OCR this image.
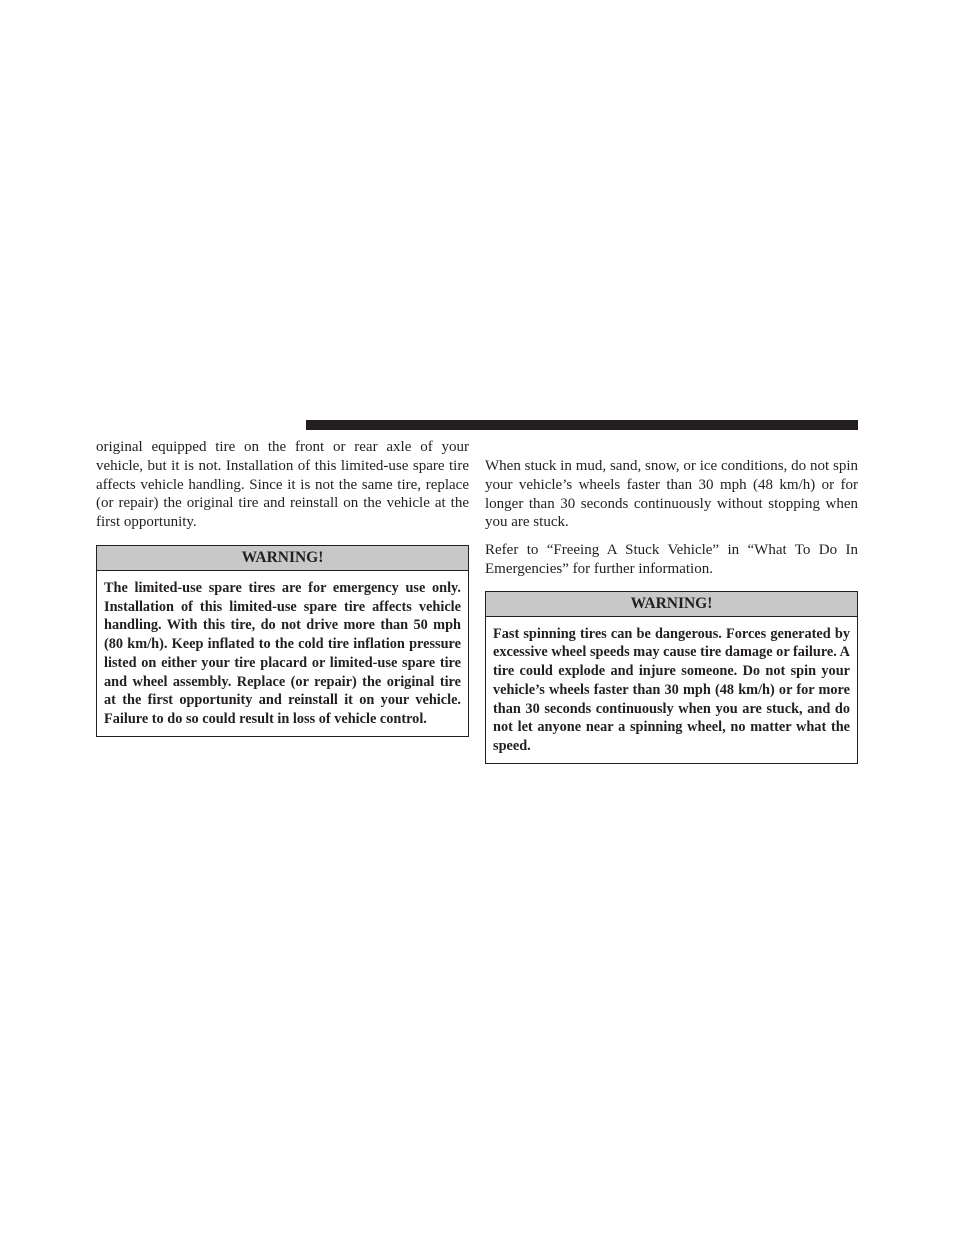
original equipped tire on the front or rear axle of your vehicle, but it is not. Installation of this limited-use spare tire affects vehicle handling. Since it is not the same tire, replace (or repair) the original tire and reinstall on the vehicle at the first opportunity.

WARNING!

The limited-use spare tires are for emergency use only. Installation of this limited-use spare tire affects vehicle handling. With this tire, do not drive more than 50 mph (80 km/h). Keep inflated to the cold tire inflation pressure listed on either your tire placard or limited-use spare tire and wheel assembly. Replace (or repair) the original tire at the first opportunity and reinstall it on your vehicle. Failure to do so could result in loss of vehicle control.

When stuck in mud, sand, snow, or ice conditions, do not spin your vehicle’s wheels faster than 30 mph (48 km/h) or for longer than 30 seconds continuously without stopping when you are stuck.

Refer to “Freeing A Stuck Vehicle” in “What To Do In Emergencies” for further information.

WARNING!

Fast spinning tires can be dangerous. Forces generated by excessive wheel speeds may cause tire damage or failure. A tire could explode and injure someone. Do not spin your vehicle’s wheels faster than 30 mph (48 km/h) or for more than 30 seconds continuously when you are stuck, and do not let anyone near a spinning wheel, no matter what the speed.
